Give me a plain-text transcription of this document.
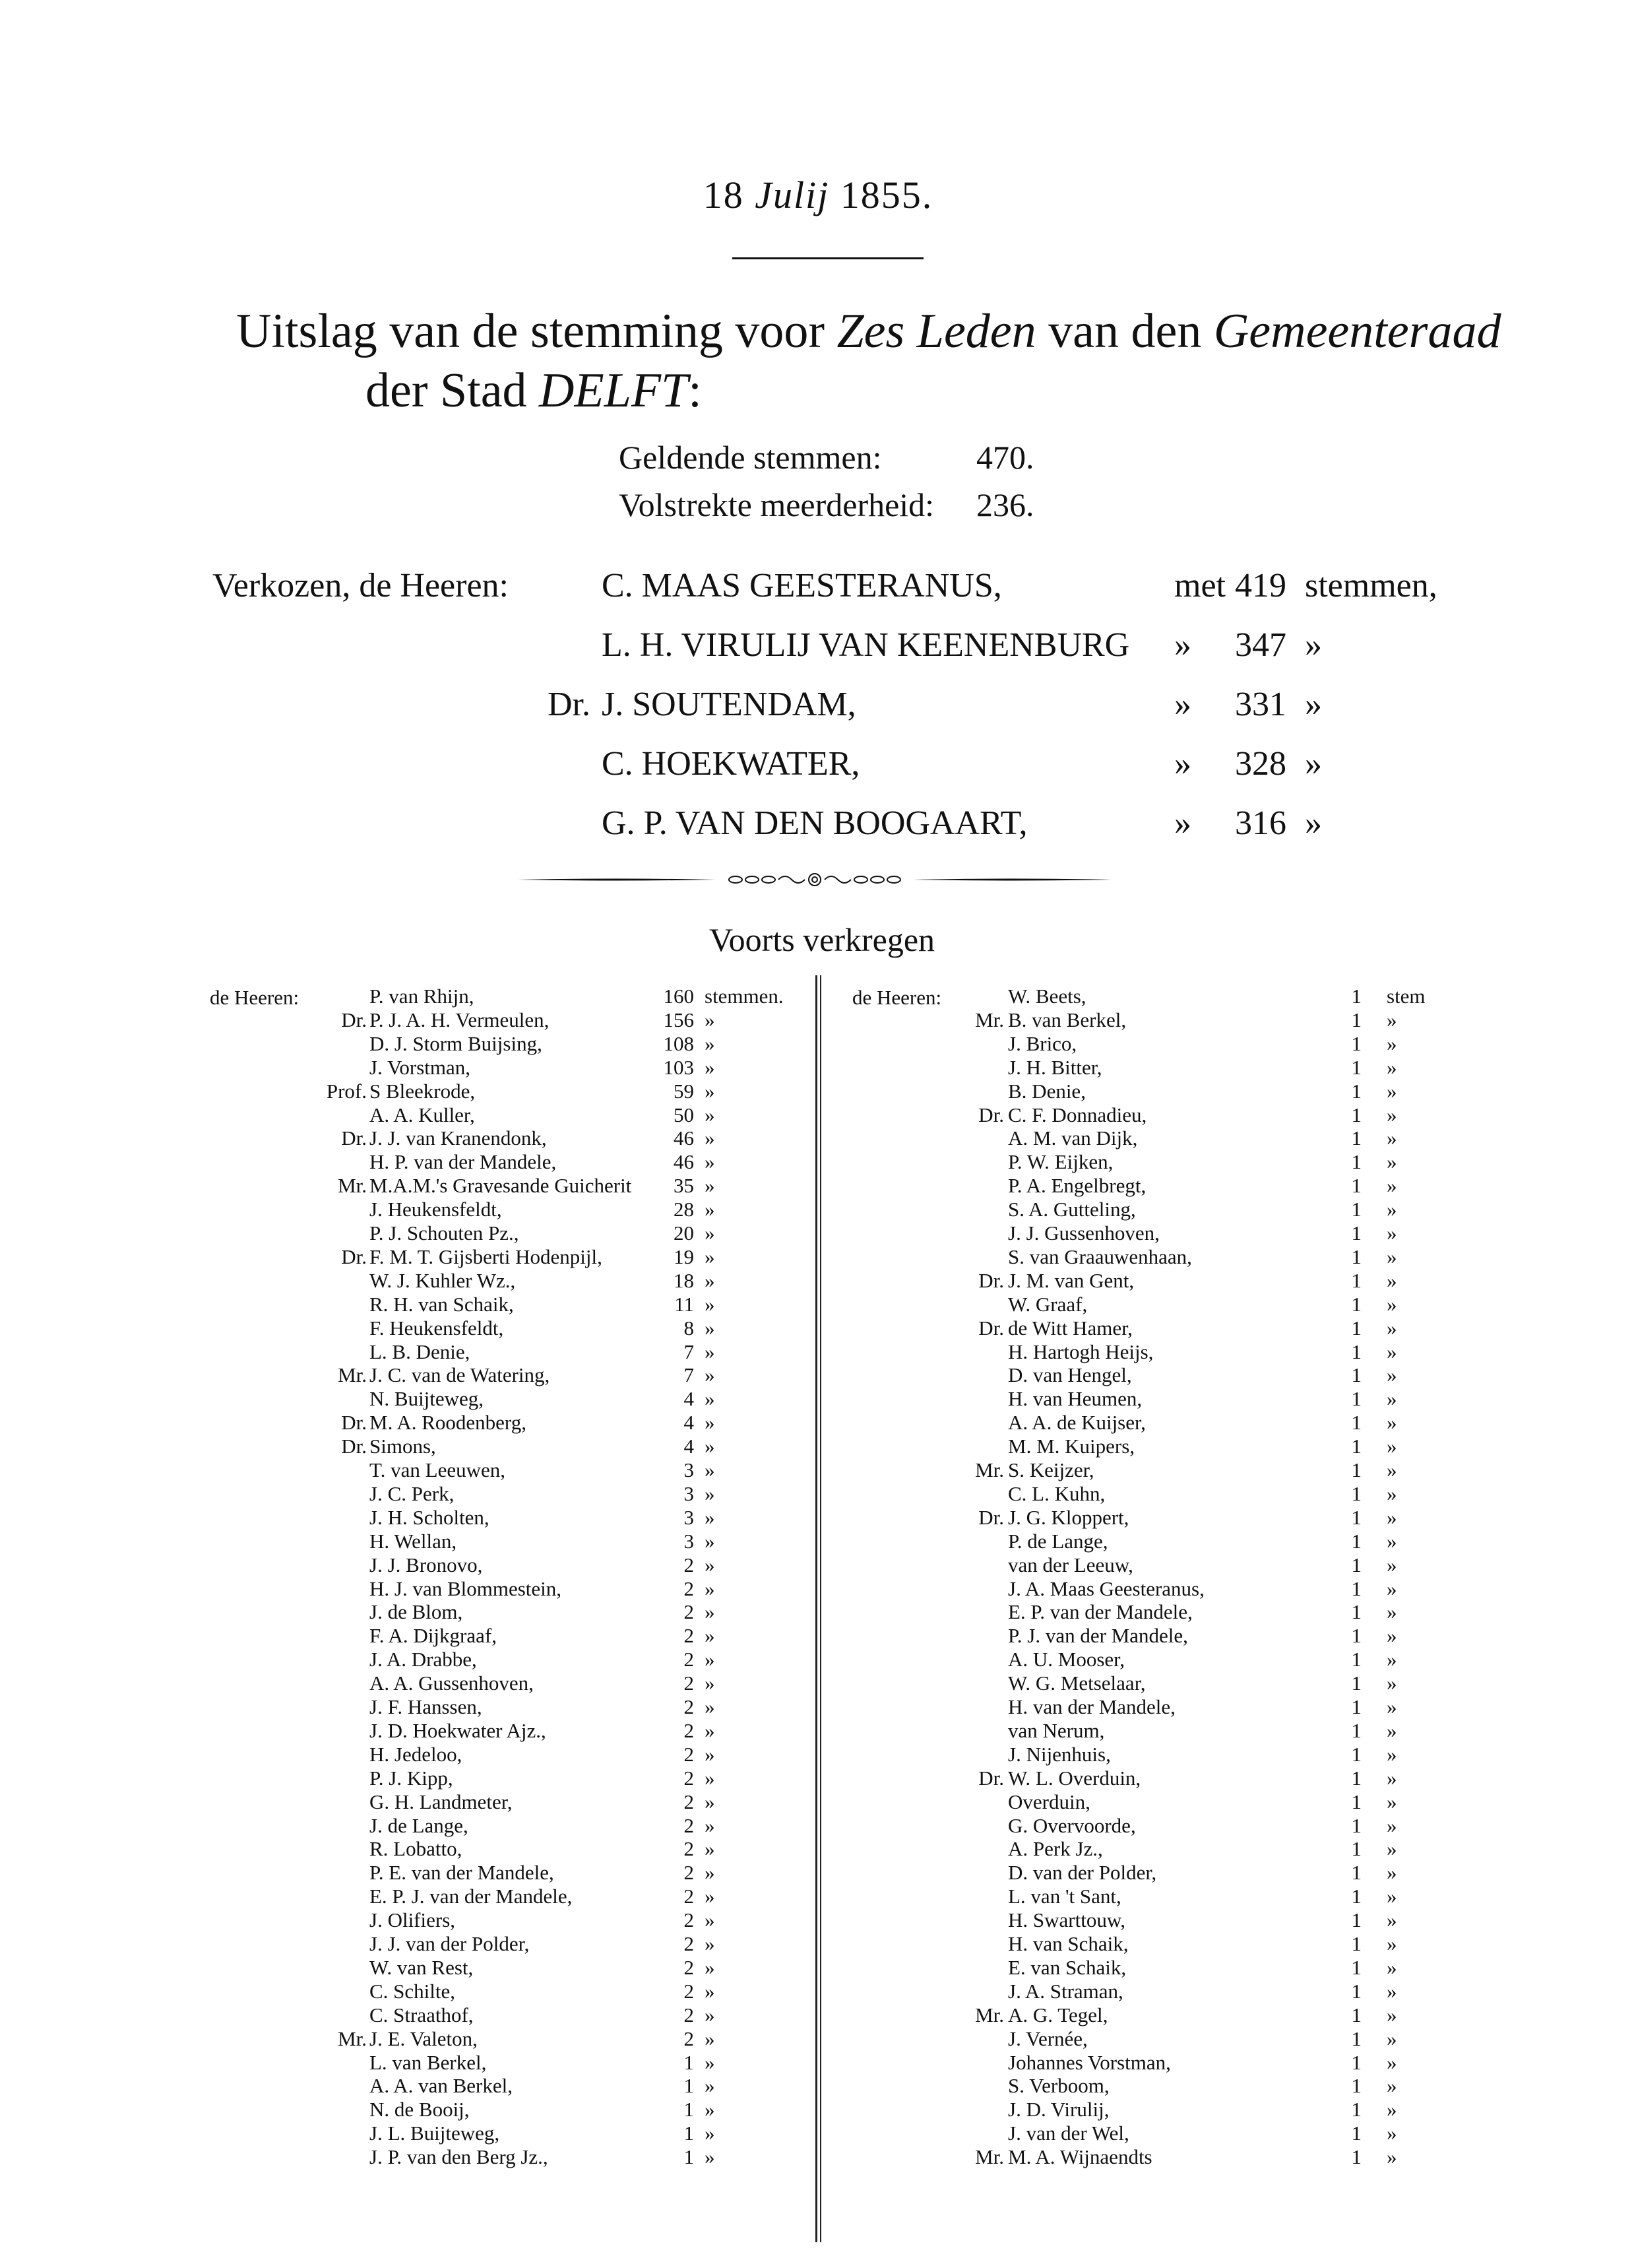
18 Julij 1855.
Uitslag van de stemming voor Zes Leden van den Gemeenteraad
der Stad DELFT:
Geldende stemmen:	470.
Volstrekte meerderheid: 236.
Verkozen, de Heeren:	C. MAAS GEESTERANUS,	met 419 stemmen,
L. H. VIRULIJ VAN KEENENBURG » 347 »
Dr. J. SOUTENDAM,	» 331 »
C. HOEKWATER,	» 328 »
G. P. VAN DEN BOOGAART,	» 316 »
Voorts verkregen
de Heeren:	de Heeren:
P. van Rhijn,	160 stemmen.
Dr. P. J. A. H. Vermeulen,	156 »
D. J. Storm Buijsing,	108 »
J. Vorstman,	103 »
Prof. S Bleekrode,	59 »
A. A. Kuller,	50 »
Dr. J. J. van Kranendonk,	46 »
H. P. van der Mandele,	46 »
Mr. M.A.M.'s Gravesande Guicherit 35 »
J. Heukensfeldt,	28 »
P. J. Schouten Pz.,	20 »
Dr. F. M. T. Gijsberti Hodenpijl,	19 »
W. J. Kuhler Wz.,	18 »
R. H. van Schaik,	11 »
F. Heukensfeldt,	8 »
L. B. Denie,	7 »
Mr. J. C. van de Watering,	7 »
N. Buijteweg,	4 »
Dr. M. A. Roodenberg,	4 »
Dr. Simons,	4 »
T. van Leeuwen,	3 »
J. C. Perk,	3 »
J. H. Scholten,	3 »
H. Wellan,	3 »
J. J. Bronovo,	2 »
H. J. van Blommestein,	2 »
J. de Blom,	2 »
F. A. Dijkgraaf,	2 »
J. A. Drabbe,	2 »
A. A. Gussenhoven,	2 »
J. F. Hanssen,	2 »
J. D. Hoekwater Ajz.,	2 »
H. Jedeloo,	2 »
P. J. Kipp,	2 »
G. H. Landmeter,	2 »
J. de Lange,	2 »
R. Lobatto,	2 »
P. E. van der Mandele,	2 »
E. P. J. van der Mandele,	2 »
J. Olifiers,	2 »
J. J. van der Polder,	2 »
W. van Rest,	2 »
C. Schilte,	2 »
C. Straathof,	2 »
Mr. J. E. Valeton,	2 »
L. van Berkel,	1 »
A. A. van Berkel,	1 »
N. de Booij,	1 »
J. L. Buijteweg,	1 »
J. P. van den Berg Jz.,	1 »
W. Beets,	1 stem
Mr. B. van Berkel,	1 »
J. Brico,	1 »
J. H. Bitter,	1 »
B. Denie,	1 »
Dr. C. F. Donnadieu,	1 »
A. M. van Dijk,	1 »
P. W. Eijken,	1 »
P. A. Engelbregt,	1 »
S. A. Gutteling,	1 »
J. J. Gussenhoven,	1 »
S. van Graauwenhaan,	1 »
Dr. J. M. van Gent,	1 »
W. Graaf,	1 »
Dr. de Witt Hamer,	1 »
H. Hartogh Heijs,	1 »
D. van Hengel,	1 »
H. van Heumen,	1 »
A. A. de Kuijser,	1 »
M. M. Kuipers,	1 »
Mr. S. Keijzer,	1 »
C. L. Kuhn,	1 »
Dr. J. G. Kloppert,	1 »
P. de Lange,	1 »
van der Leeuw,	1 »
J. A. Maas Geesteranus,	1 »
E. P. van der Mandele,	1 »
P. J. van der Mandele,	1 »
A. U. Mooser,	1 »
W. G. Metselaar,	1 »
H. van der Mandele,	1 »
van Nerum,	1 »
J. Nijenhuis,	1 »
Dr. W. L. Overduin,	1 »
Overduin,	1 »
G. Overvoorde,	1 »
A. Perk Jz.,	1 »
D. van der Polder,	1 »
L. van 't Sant,	1 »
H. Swarttouw,	1 »
H. van Schaik,	1 »
E. van Schaik,	1 »
J. A. Straman,	1 »
Mr. A. G. Tegel,	1 »
J. Vernée,	1 »
Johannes Vorstman,	1 »
S. Verboom,	1 »
J. D. Virulij,	1 »
J. van der Wel,	1 »
Mr. M. A. Wijnaendts	1 »
